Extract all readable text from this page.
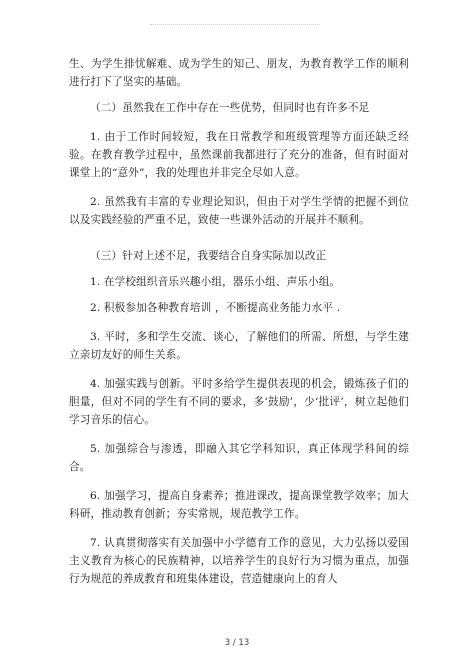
生、为学生排忧解难、成为学生的知己、朋友，为教育教学工作的顺利进行打下了坚实的基础。

（二）虽然我在工作中存在一些优势，但同时也有许多不足

1. 由于工作时间较短，我在日常教学和班级管理等方面还缺乏经验。在教育教学过程中，虽然课前我都进行了充分的准备，但有时面对课堂上的“意外”，我的处理也并非完全尽如人意。

2. 虽然我有丰富的专业理论知识，但由于对学生学情的把握不到位以及实践经验的严重不足，致使一些课外活动的开展并不顺利。

（三）针对上述不足，我要结合自身实际加以改正

1. 在学校组织音乐兴趣小组，器乐小组、声乐小组。

2. 积极参加各种教育培训 ，不断提高业务能力水平 .

3. 平时，多和学生交流、谈心，了解他们的所需、所想，与学生建立亲切友好的师生关系。

4. 加强实践与创新。平时多给学生提供表现的机会，锻炼孩子们的胆量，但对不同的学生有不同的要求，多‘鼓励’，少‘批评’，树立起他们学习音乐的信心。

5. 加强综合与渗透，即融入其它学科知识，真正体现学科间的综合。

6. 加强学习，提高自身素养；推进课改，提高课堂教学效率；加大科研，推动教育创新；夯实常规，规范教学工作。

7. 认真贯彻落实有关加强中小学德育工作的意见，大力弘扬以爱国主义教育为核心的民族精神，以培养学生的良好行为习惯为重点，加强行为规范的养成教育和班集体建设，营造健康向上的育人

3 / 13
